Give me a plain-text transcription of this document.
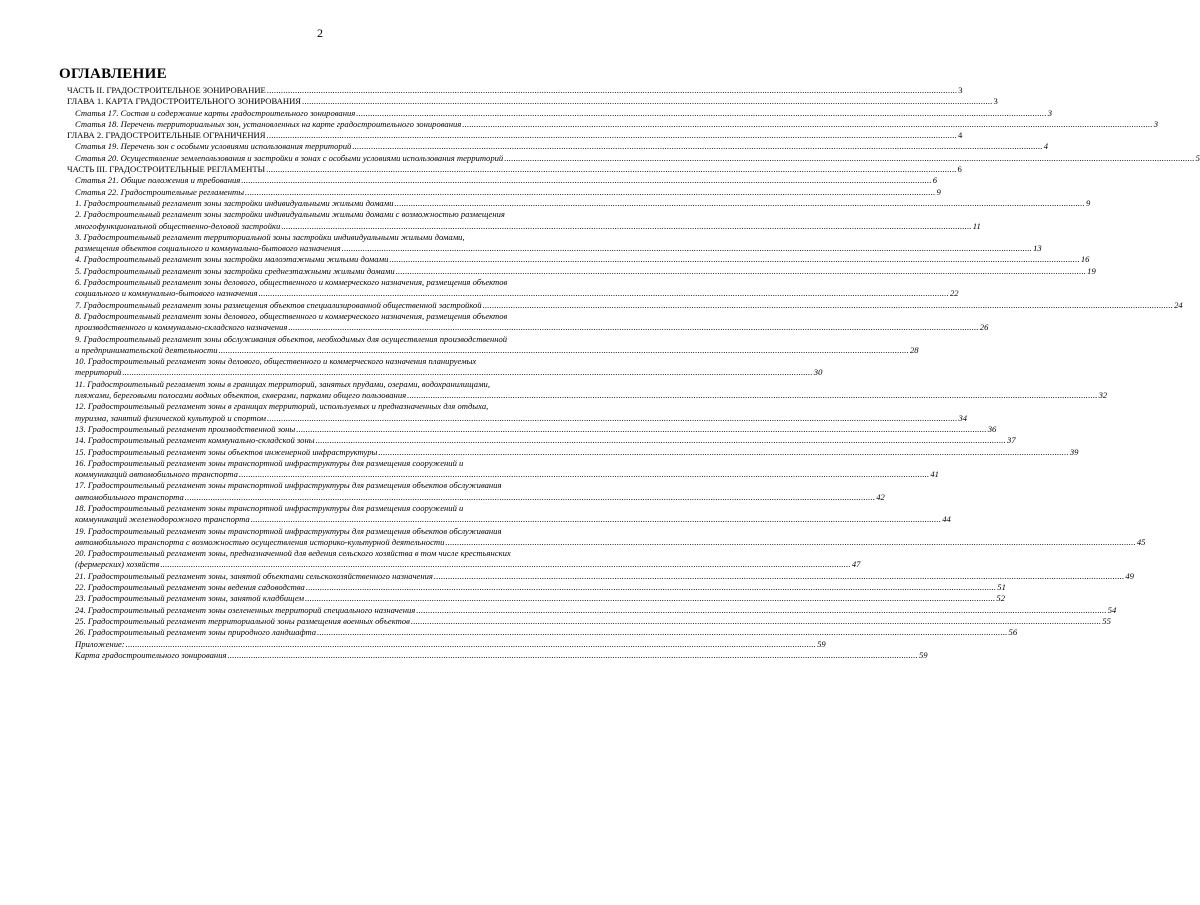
2
ОГЛАВЛЕНИЕ
ЧАСТЬ II. ГРАДОСТРОИТЕЛЬНОЕ ЗОНИРОВАНИЕ .....	3
ГЛАВА 1. КАРТА ГРАДОСТРОИТЕЛЬНОГО ЗОНИРОВАНИЯ .....	3
Статья 17. Состав и содержание карты градостроительного зонирования .....	3
Статья 18. Перечень территориальных зон, установленных на карте градостроительного зонирования .....	3
ГЛАВА 2. ГРАДОСТРОИТЕЛЬНЫЕ ОГРАНИЧЕНИЯ .....	4
Статья 19. Перечень зон с особыми условиями использования территорий .....	4
Статья 20. Осуществление землепользования и застройки в зонах с особыми условиями использования территорий .....	5
ЧАСТЬ III. ГРАДОСТРОИТЕЛЬНЫЕ РЕГЛАМЕНТЫ .....	6
Статья 21. Общие положения и требования .....	6
Статья 22. Градостроительные регламенты .....	9
1. Градостроительный регламент зоны застройки индивидуальными жилыми домами .....	9
2. Градостроительный регламент зоны застройки индивидуальными жилыми домами с возможностью размещения
многофункциональной общественно-деловой застройки .....	11
3. Градостроительный регламент территориальной зоны застройки индивидуальными жилыми домами,
размещения объектов социального и коммунально-бытового назначения .....	13
4. Градостроительный регламент зоны застройки малоэтажными жилыми домами .....	16
5. Градостроительный регламент зоны застройки среднеэтажными жилыми домами .....	19
6. Градостроительный регламент зоны делового, общественного и коммерческого назначения, размещения объектов
социального и коммунально-бытового назначения .....	22
7. Градостроительный регламент зоны размещения объектов специализированной общественной застройкой .....	24
8. Градостроительный регламент зоны делового, общественного и коммерческого назначения, размещения объектов
производственного и коммунально-складского назначения .....	26
9. Градостроительный регламент зоны обслуживания объектов, необходимых для осуществления производственной
и предпринимательской деятельности .....	28
10. Градостроительный регламент зоны делового, общественного и коммерческого назначения планируемых
территорий .....	30
11. Градостроительный регламент зоны в границах территорий, занятых прудами, озерами, водохранилищами,
пляжами, береговыми полосами водных объектов, скверами, парками общего пользования .....	32
12. Градостроительный регламент зоны в границах территорий, используемых и предназначенных для отдыха,
туризма, занятий физической культурой и спортом .....	34
13. Градостроительный регламент производственной зоны .....	36
14. Градостроительный регламент коммунально-складской зоны .....	37
15. Градостроительный регламент зоны объектов инженерной инфраструктуры .....	39
16. Градостроительный регламент зоны транспортной инфраструктуры для размещения сооружений и
коммуникаций автомобильного транспорта .....	41
17. Градостроительный регламент зоны транспортной инфраструктуры для размещения объектов обслуживания
автомобильного транспорта .....	42
18. Градостроительный регламент зоны транспортной инфраструктуры для размещения сооружений и
коммуникаций железнодорожного транспорта .....	44
19. Градостроительный регламент зоны транспортной инфраструктуры для размещения объектов обслуживания
автомобильного транспорта с возможностью осуществления историко-культурной деятельности .....	45
20. Градостроительный регламент зоны, предназначенной для ведения сельского хозяйства в том числе крестьянских
(фермерских) хозяйств .....	47
21. Градостроительный регламент зоны, занятой объектами сельскохозяйственного назначения .....	49
22. Градостроительный регламент зоны ведения садоводства .....	51
23. Градостроительный регламент зоны, занятой кладбищем .....	52
24. Градостроительный регламент зоны озелененных территорий специального назначения .....	54
25. Градостроительный регламент территориальной зоны размещения военных объектов .....	55
26. Градостроительный регламент зоны природного ландшафта .....	56
Приложение: .....	59
Карта градостроительного зонирования .....	59
